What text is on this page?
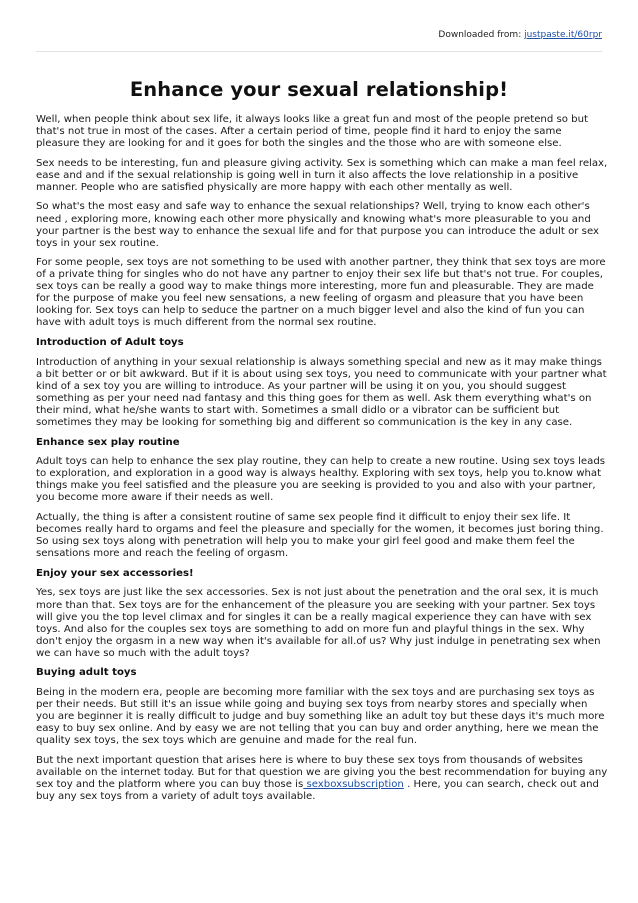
Downloaded from: justpaste.it/60rpr
Enhance your sexual relationship!

Well, when people think about sex life, it always looks like a great fun and most of the people pretend so but that's not true in most of the cases. After a certain period of time, people find it hard to enjoy the same pleasure they are looking for and it goes for both the singles and the those who are with someone else.

Sex needs to be interesting, fun and pleasure giving activity. Sex is something which can make a man feel relax, ease and and if the sexual relationship is going well in turn it also affects the love relationship in a positive manner. People who are satisfied physically are more happy with each other mentally as well.

So what's the most easy and safe way to enhance the sexual relationships? Well, trying to know each other's need , exploring more, knowing each other more physically and knowing what's more pleasurable to you and your partner is the best way to enhance the sexual life and for that purpose you can introduce the adult or sex toys in your sex routine.

For some people, sex toys are not something to be used with another partner, they think that sex toys are more of a private thing for singles who do not have any partner to enjoy their sex life but that's not true. For couples, sex toys can be really a good way to make things more interesting, more fun and pleasurable. They are made for the purpose of make you feel new sensations, a new feeling of orgasm and pleasure that you have been looking for. Sex toys can help to seduce the partner on a much bigger level and also the kind of fun you can have with adult toys is much different from the normal sex routine.

Introduction of Adult toys

Introduction of anything in your sexual relationship is always something special and new as it may make things a bit better or or bit awkward. But if it is about using sex toys, you need to communicate with your partner what kind of a sex toy you are willing to introduce. As your partner will be using it on you, you should suggest something as per your need nad fantasy and this thing goes for them as well. Ask them everything what's on their mind, what he/she wants to start with. Sometimes a small didlo or a vibrator can be sufficient but sometimes they may be looking for something big and different so communication is the key in any case.

Enhance sex play routine

Adult toys can help to enhance the sex play routine, they can help to create a new routine. Using sex toys leads to exploration, and exploration in a good way is always healthy. Exploring with sex toys, help you to.know what things make you feel satisfied and the pleasure you are seeking is provided to you and also with your partner, you become more aware if their needs as well.

Actually, the thing is after a consistent routine of same sex people find it difficult to enjoy their sex life. It becomes really hard to orgams and feel the pleasure and specially for the women, it becomes just boring thing. So using sex toys along with penetration will help you to make your girl feel good and make them feel the sensations more and reach the feeling of orgasm.

Enjoy your sex accessories!

Yes, sex toys are just like the sex accessories. Sex is not just about the penetration and the oral sex, it is much more than that. Sex toys are for the enhancement of the pleasure you are seeking with your partner. Sex toys will give you the top level climax and for singles it can be a really magical experience they can have with sex toys. And also for the couples sex toys are something to add on more fun and playful things in the sex. Why don't enjoy the orgasm in a new way when it's available for all.of us? Why just indulge in penetrating sex when we can have so much with the adult toys?

Buying adult toys

Being in the modern era, people are becoming more familiar with the sex toys and are purchasing sex toys as per their needs. But still it's an issue while going and buying sex toys from nearby stores and specially when you are beginner it is really difficult to judge and buy something like an adult toy but these days it's much more easy to buy sex online. And by easy we are not telling that you can buy and order anything, here we mean the quality sex toys, the sex toys which are genuine and made for the real fun.

But the next important question that arises here is where to buy these sex toys from thousands of websites available on the internet today. But for that question we are giving you the best recommendation for buying any sex toy and the platform where you can buy those is sexboxsubscription . Here, you can search, check out and buy any sex toys from a variety of adult toys available.
